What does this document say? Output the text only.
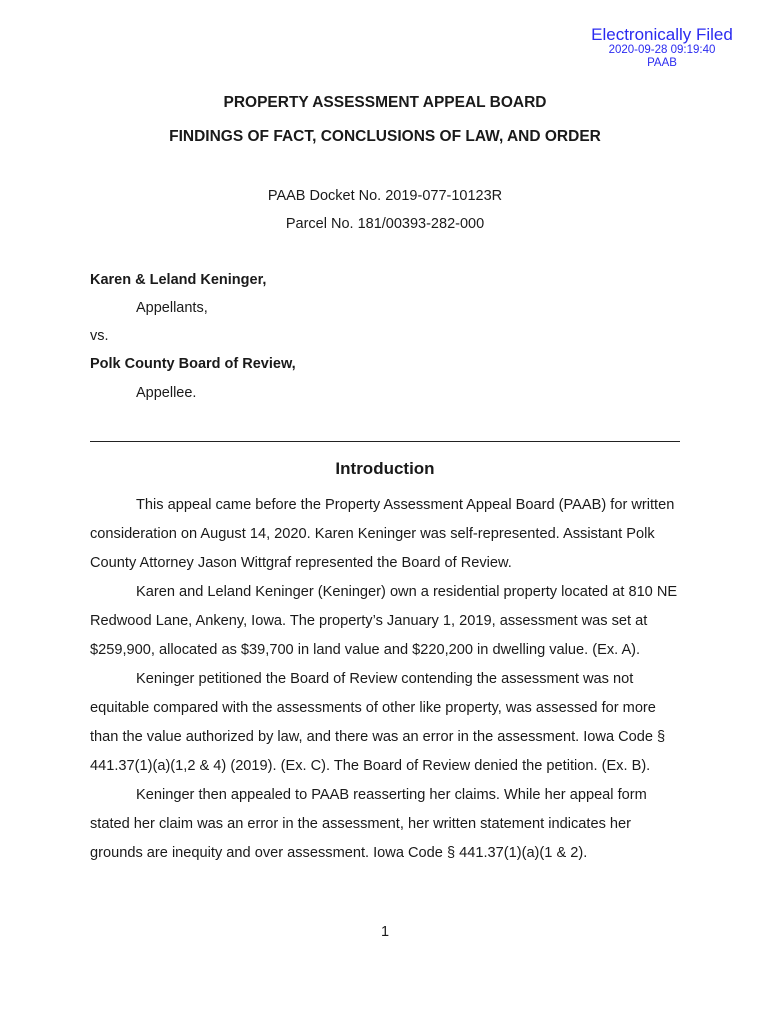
Electronically Filed
2020-09-28 09:19:40
PAAB
PROPERTY ASSESSMENT APPEAL BOARD
FINDINGS OF FACT, CONCLUSIONS OF LAW, AND ORDER
PAAB Docket No. 2019-077-10123R
Parcel No. 181/00393-282-000
Karen & Leland Keninger,
Appellants,
vs.
Polk County Board of Review,
Appellee.
Introduction

This appeal came before the Property Assessment Appeal Board (PAAB) for written consideration on August 14, 2020. Karen Keninger was self-represented. Assistant Polk County Attorney Jason Wittgraf represented the Board of Review.

Karen and Leland Keninger (Keninger) own a residential property located at 810 NE Redwood Lane, Ankeny, Iowa. The property’s January 1, 2019, assessment was set at $259,900, allocated as $39,700 in land value and $220,200 in dwelling value. (Ex. A).

Keninger petitioned the Board of Review contending the assessment was not equitable compared with the assessments of other like property, was assessed for more than the value authorized by law, and there was an error in the assessment. Iowa Code § 441.37(1)(a)(1,2 & 4) (2019). (Ex. C). The Board of Review denied the petition. (Ex. B).

Keninger then appealed to PAAB reasserting her claims. While her appeal form stated her claim was an error in the assessment, her written statement indicates her grounds are inequity and over assessment. Iowa Code § 441.37(1)(a)(1 & 2).

1
